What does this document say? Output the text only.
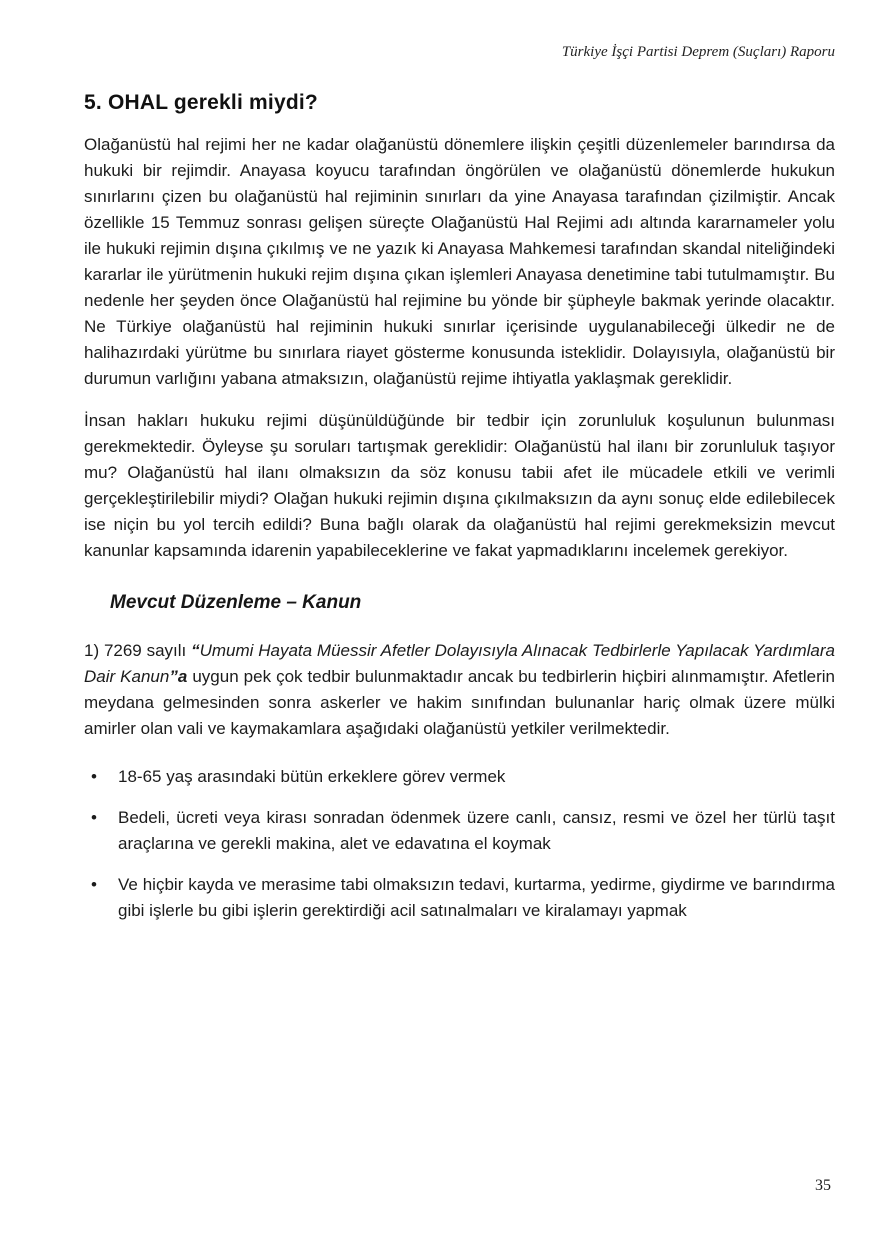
Türkiye İşçi Partisi Deprem (Suçları) Raporu
5. OHAL gerekli miydi?

Olağanüstü hal rejimi her ne kadar olağanüstü dönemlere ilişkin çeşitli düzenlemeler barındırsa da hukuki bir rejimdir. Anayasa koyucu tarafından öngörülen ve olağanüstü dönemlerde hukukun sınırlarını çizen bu olağanüstü hal rejiminin sınırları da yine Anayasa tarafından çizilmiştir. Ancak özellikle 15 Temmuz sonrası gelişen süreçte Olağanüstü Hal Rejimi adı altında kararnameler yolu ile hukuki rejimin dışına çıkılmış ve ne yazık ki Anayasa Mahkemesi tarafından skandal niteliğindeki kararlar ile yürütmenin hukuki rejim dışına çıkan işlemleri Anayasa denetimine tabi tutulmamıştır. Bu nedenle her şeyden önce Olağanüstü hal rejimine bu yönde bir şüpheyle bakmak yerinde olacaktır. Ne Türkiye olağanüstü hal rejiminin hukuki sınırlar içerisinde uygulanabileceği ülkedir ne de halihazırdaki yürütme bu sınırlara riayet gösterme konusunda isteklidir. Dolayısıyla, olağanüstü bir durumun varlığını yabana atmaksızın, olağanüstü rejime ihtiyatla yaklaşmak gereklidir.

İnsan hakları hukuku rejimi düşünüldüğünde bir tedbir için zorunluluk koşulunun bulunması gerekmektedir. Öyleyse şu soruları tartışmak gereklidir: Olağanüstü hal ilanı bir zorunluluk taşıyor mu? Olağanüstü hal ilanı olmaksızın da söz konusu tabii afet ile mücadele etkili ve verimli gerçekleştirilebilir miydi? Olağan hukuki rejimin dışına çıkılmaksızın da aynı sonuç elde edilebilecek ise niçin bu yol tercih edildi? Buna bağlı olarak da olağanüstü hal rejimi gerekmeksizin mevcut kanunlar kapsamında idarenin yapabileceklerine ve fakat yapmadıklarını incelemek gerekiyor.

Mevcut Düzenleme – Kanun

1) 7269 sayılı “Umumi Hayata Müessir Afetler Dolayısıyla Alınacak Tedbirlerle Yapılacak Yardımlara Dair Kanun”a uygun pek çok tedbir bulunmaktadır ancak bu tedbirlerin hiçbiri alınmamıştır. Afetlerin meydana gelmesinden sonra askerler ve hakim sınıfından bulunanlar hariç olmak üzere mülki amirler olan vali ve kaymakamlara aşağıdaki olağanüstü yetkiler verilmektedir.

•	18-65 yaş arasındaki bütün erkeklere görev vermek
•	Bedeli, ücreti veya kirası sonradan ödenmek üzere canlı, cansız, resmi ve özel her türlü taşıt araçlarına ve gerekli makina, alet ve edavatına el koymak
•	Ve hiçbir kayda ve merasime tabi olmaksızın tedavi, kurtarma, yedirme, giydirme ve barındırma gibi işlerle bu gibi işlerin gerektirdiği acil satınalmaları ve kiralamayı yapmak
35
